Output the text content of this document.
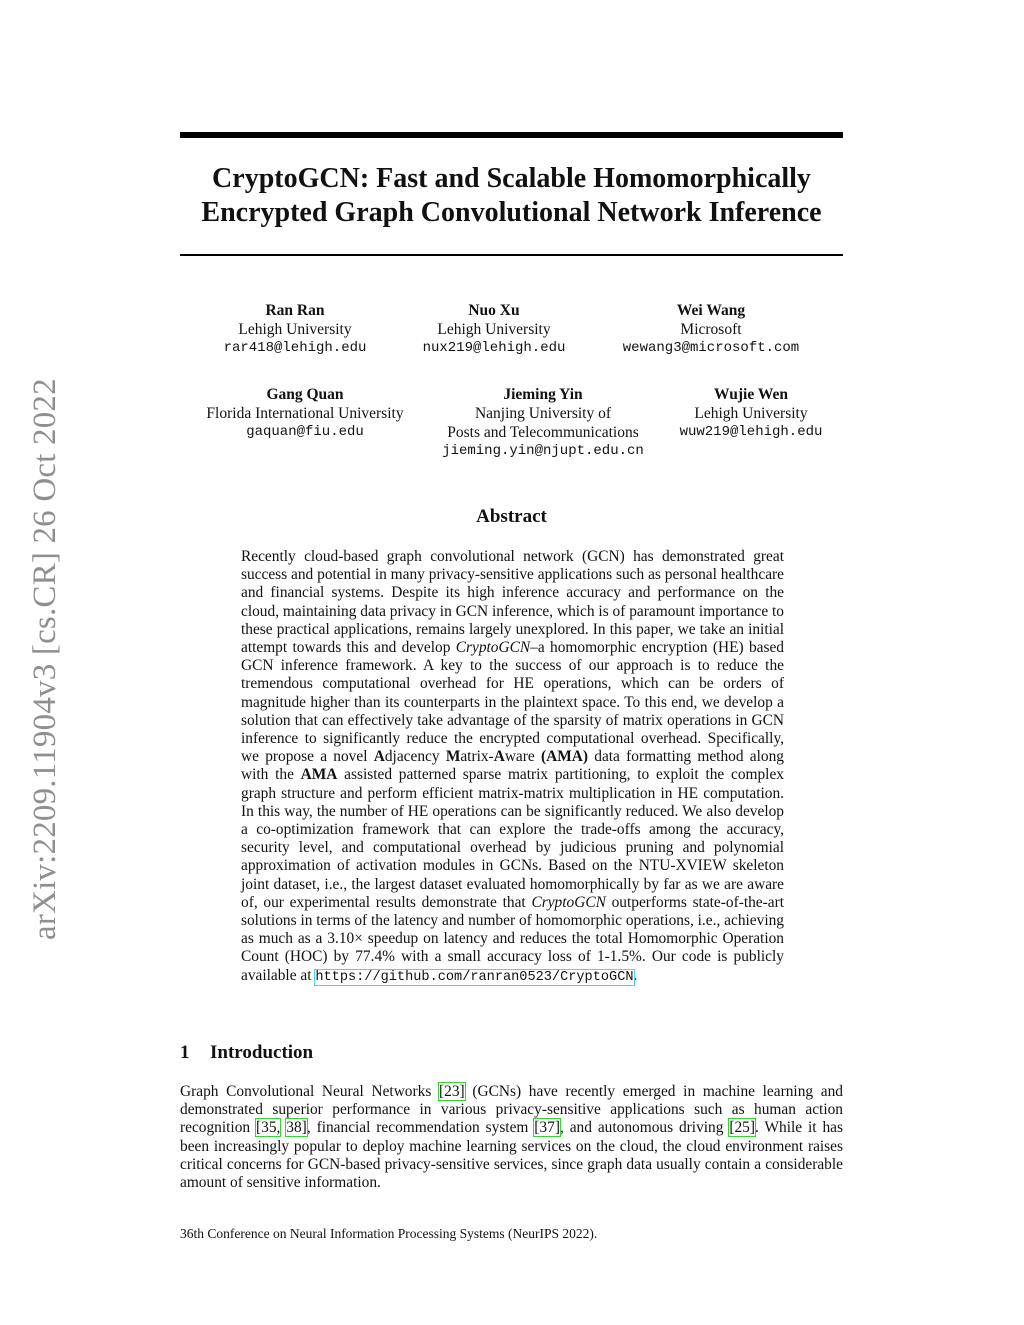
arXiv:2209.11904v3 [cs.CR] 26 Oct 2022
CryptoGCN: Fast and Scalable Homomorphically
Encrypted Graph Convolutional Network Inference
Ran Ran
Lehigh University
rar418@lehigh.edu
Nuo Xu
Lehigh University
nux219@lehigh.edu
Wei Wang
Microsoft
wewang3@microsoft.com
Gang Quan
Florida International University
gaquan@fiu.edu
Jieming Yin
Nanjing University of
Posts and Telecommunications
jieming.yin@njupt.edu.cn
Wujie Wen
Lehigh University
wuw219@lehigh.edu
Abstract
Recently cloud-based graph convolutional network (GCN) has demonstrated great success and potential in many privacy-sensitive applications such as personal healthcare and financial systems. Despite its high inference accuracy and performance on the cloud, maintaining data privacy in GCN inference, which is of paramount importance to these practical applications, remains largely unexplored. In this paper, we take an initial attempt towards this and develop CryptoGCN–a homomorphic encryption (HE) based GCN inference framework. A key to the success of our approach is to reduce the tremendous computational overhead for HE operations, which can be orders of magnitude higher than its counterparts in the plaintext space. To this end, we develop a solution that can effectively take advantage of the sparsity of matrix operations in GCN inference to significantly reduce the encrypted computational overhead. Specifically, we propose a novel Adjacency Matrix-Aware (AMA) data formatting method along with the AMA assisted patterned sparse matrix partitioning, to exploit the complex graph structure and perform efficient matrix-matrix multiplication in HE computation. In this way, the number of HE operations can be significantly reduced. We also develop a co-optimization framework that can explore the trade-offs among the accuracy, security level, and computational overhead by judicious pruning and polynomial approximation of activation modules in GCNs. Based on the NTU-XVIEW skeleton joint dataset, i.e., the largest dataset evaluated homomorphically by far as we are aware of, our experimental results demonstrate that CryptoGCN outperforms state-of-the-art solutions in terms of the latency and number of homomorphic operations, i.e., achieving as much as a 3.10× speedup on latency and reduces the total Homomorphic Operation Count (HOC) by 77.4% with a small accuracy loss of 1-1.5%. Our code is publicly available at https://github.com/ranran0523/CryptoGCN.
1 Introduction
Graph Convolutional Neural Networks [23] (GCNs) have recently emerged in machine learning and demonstrated superior performance in various privacy-sensitive applications such as human action recognition [35, 38], financial recommendation system [37], and autonomous driving [25]. While it has been increasingly popular to deploy machine learning services on the cloud, the cloud environment raises critical concerns for GCN-based privacy-sensitive services, since graph data usually contain a considerable amount of sensitive information.
36th Conference on Neural Information Processing Systems (NeurIPS 2022).
